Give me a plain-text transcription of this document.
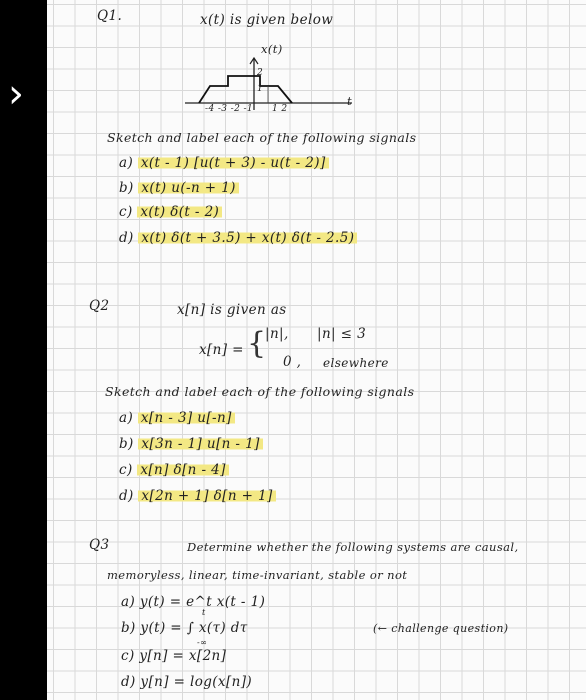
›
Q1.	x(t) is given below
x(t)
2
1
-4 -3 -2 -1 1 2
t
Sketch and label each of the following signals
a) x(t - 1) [u(t + 3) - u(t - 2)]
b) x(t) u(-n + 1)
c) x(t) δ(t - 2)
d) x(t) δ(t + 3.5) + x(t) δ(t - 2.5)
Q2	x[n] is given as
x[n] = {
|n|, |n| ≤ 3
0 , elsewhere
Sketch and label each of the following signals
a) x[n - 3] u[-n]
b) x[3n - 1] u[n - 1]
c) x[n] δ[n - 4]
d) x[2n + 1] δ[n + 1]
Q3	Determine whether the following systems are causal,
memoryless, linear, time-invariant, stable or not
a) y(t) = e^t x(t - 1)
t
b) y(t) = ∫ x(τ) dτ
-∞
(← challenge question)
c) y[n] = x[2n]
d) y[n] = log(x[n])
